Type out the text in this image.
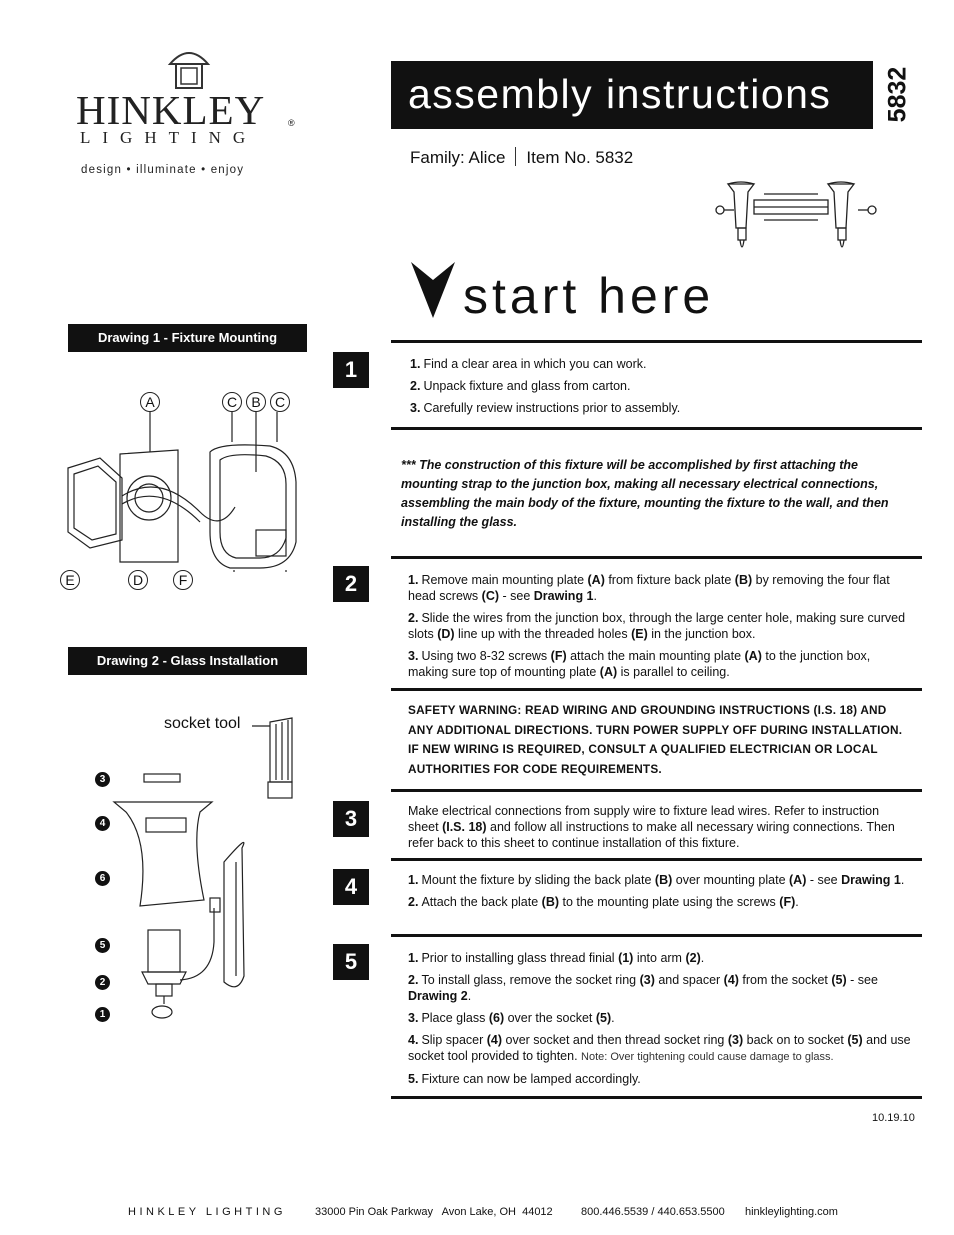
HINKLEY	®
LIGHTING
design • illuminate • enjoy
assembly instructions 5832
Family: Alice Item No. 5832
start here
Drawing 1 - Fixture Mounting
A	C	B	C
E	D	F
Drawing 2 - Glass Installation
socket tool
3
4
6
5
2
1
1
2
3
4
5
1. Find a clear area in which you can work.
2. Unpack fixture and glass from carton.
3. Carefully review instructions prior to assembly.
*** The construction of this fixture will be accomplished by first attaching the mounting strap to the junction box, making all necessary electrical connections, assembling the main body of the fixture, mounting the fixture to the wall, and then installing the glass.
1. Remove main mounting plate (A) from fixture back plate (B) by removing the four flat head screws (C) - see Drawing 1.
2. Slide the wires from the junction box, through the large center hole, making sure curved slots (D) line up with the threaded holes (E) in the junction box.
3. Using two 8-32 screws (F) attach the main mounting plate (A) to the junction box, making sure top of mounting plate (A) is parallel to ceiling.
SAFETY WARNING: READ WIRING AND GROUNDING INSTRUCTIONS (I.S. 18) AND ANY ADDITIONAL DIRECTIONS. TURN POWER SUPPLY OFF DURING INSTALLATION. IF NEW WIRING IS REQUIRED, CONSULT A QUALIFIED ELECTRICIAN OR LOCAL AUTHORITIES FOR CODE REQUIREMENTS.
Make electrical connections from supply wire to fixture lead wires. Refer to instruction sheet (I.S. 18) and follow all instructions to make all necessary wiring connections. Then refer back to this sheet to continue installation of this fixture.
1. Mount the fixture by sliding the back plate (B) over mounting plate (A) - see Drawing 1.
2. Attach the back plate (B) to the mounting plate using the screws (F).
1. Prior to installing glass thread finial (1) into arm (2).
2. To install glass, remove the socket ring (3) and spacer (4) from the socket (5) - see Drawing 2.
3. Place glass (6) over the socket (5).
4. Slip spacer (4) over socket and then thread socket ring (3) back on to socket (5) and use socket tool provided to tighten. Note: Over tightening could cause damage to glass.
5. Fixture can now be lamped accordingly.
10.19.10
HINKLEY LIGHTING	33000 Pin Oak Parkway   Avon Lake, OH  44012	800.446.5539 / 440.653.5500 hinkleylighting.com
